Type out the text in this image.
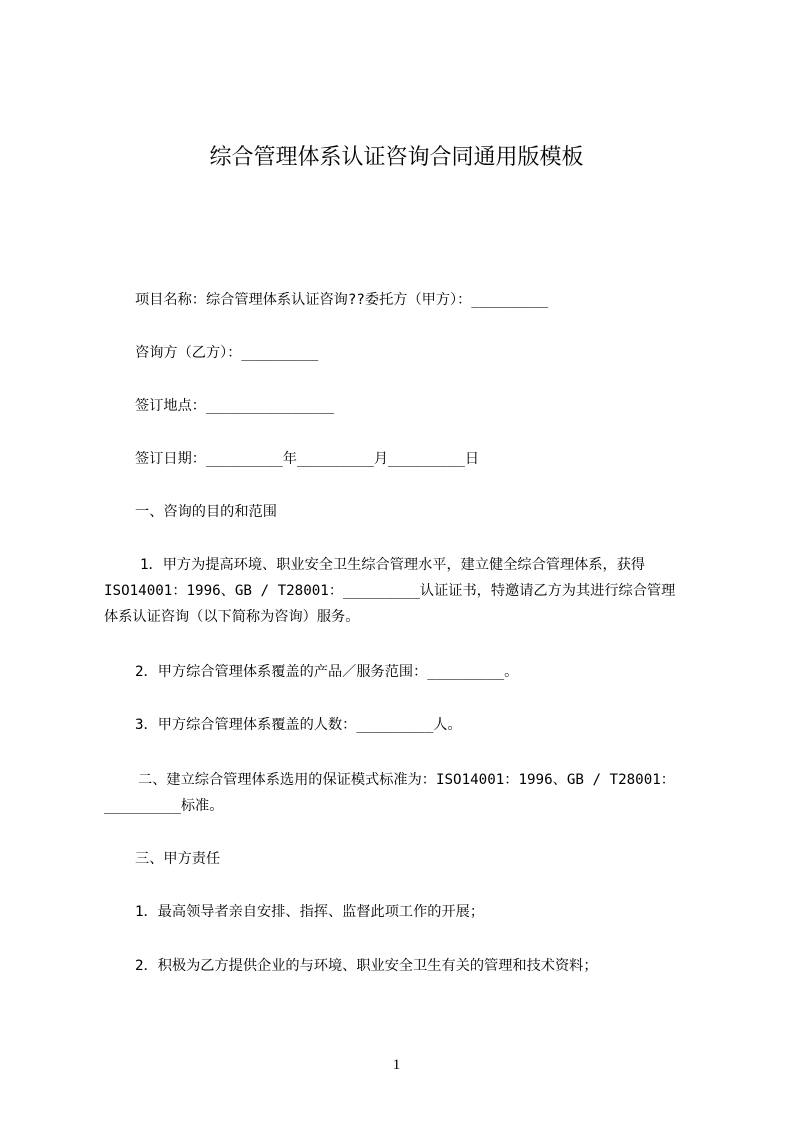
综合管理体系认证咨询合同通用版模板
项目名称：综合管理体系认证咨询??委托方（甲方）：_________
咨询方（乙方）：_________
签订地点：_______________
签订日期：_________年_________月_________日
一、咨询的目的和范围
1．甲方为提高环境、职业安全卫生综合管理水平，建立健全综合管理体系，获得
ISO14001：1996、GB / T28001：_________认证证书，特邀请乙方为其进行综合管理
体系认证咨询（以下简称为咨询）服务。
2．甲方综合管理体系覆盖的产品／服务范围：_________。
3．甲方综合管理体系覆盖的人数：_________人。
二、建立综合管理体系选用的保证模式标准为：ISO14001：1996、GB / T28001：
_________标准。
三、甲方责任
1．最高领导者亲自安排、指挥、监督此项工作的开展；
2．积极为乙方提供企业的与环境、职业安全卫生有关的管理和技术资料；
1
